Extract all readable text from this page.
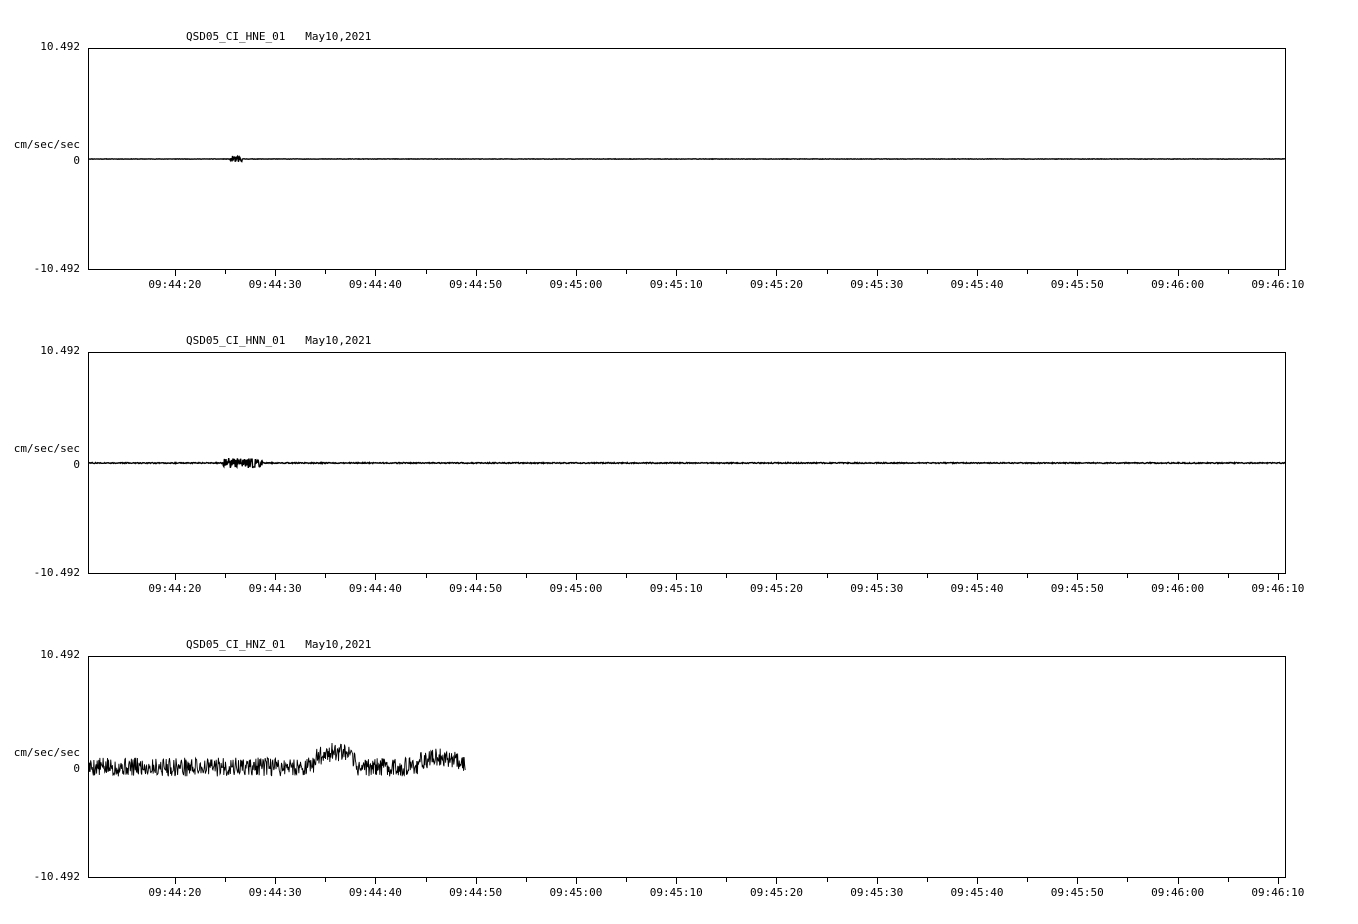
QSD05_CI_HNE_01   May10,2021
10.492
cm/sec/sec
0
-10.492
09:44:20	09:44:30	09:44:40	09:44:50	09:45:00	09:45:10	09:45:20	09:45:30	09:45:40	09:45:50	09:46:00	09:46:10
QSD05_CI_HNN_01   May10,2021
10.492
cm/sec/sec
0
-10.492
09:44:20	09:44:30	09:44:40	09:44:50	09:45:00	09:45:10	09:45:20	09:45:30	09:45:40	09:45:50	09:46:00	09:46:10
QSD05_CI_HNZ_01   May10,2021
10.492
cm/sec/sec
0
-10.492
09:44:20	09:44:30	09:44:40	09:44:50	09:45:00	09:45:10	09:45:20	09:45:30	09:45:40	09:45:50	09:46:00	09:46:10
